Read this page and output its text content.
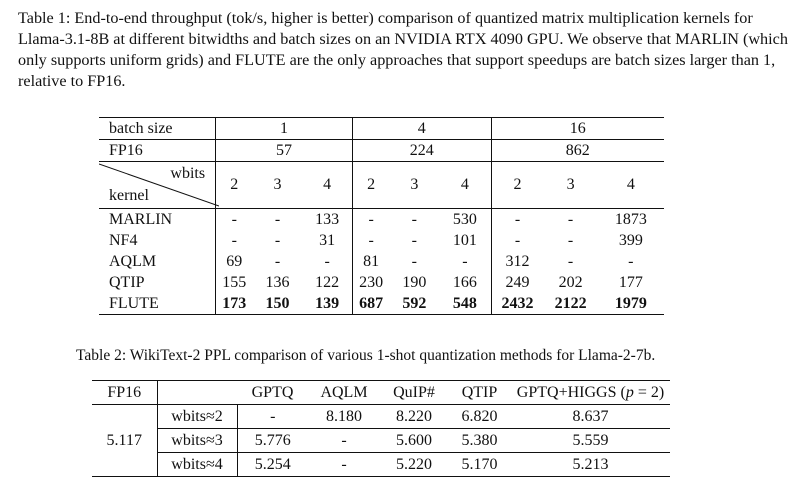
Table 1: End-to-end throughput (tok/s, higher is better) comparison of quantized matrix multiplication kernels for Llama-3.1-8B at different bitwidths and batch sizes on an NVIDIA RTX 4090 GPU. We observe that MARLIN (which only supports uniform grids) and FLUTE are the only approaches that support speedups are batch sizes larger than 1, relative to FP16.
batch size	1			4			16		
FP16	57			224			862		

wbits
kernel	2	3	4	2	3	4	2	3	4
MARLIN	-	-	133	-	-	530	-	-	1873
NF4	-	-	31	-	-	101	-	-	399
AQLM	69	-	-	81	-	-	312	-	-
QTIP	155	136	122	230	190	166	249	202	177
FLUTE	173	150	139	687	592	548	2432	2122	1979
Table 2: WikiText-2 PPL comparison of various 1-shot quantization methods for Llama-2-7b.
FP16		GPTQ	AQLM	QuIP#	QTIP	GPTQ+HIGGS (p = 2)
5.117	wbits≈2	-	8.180	8.220	6.820	8.637
	wbits≈3	5.776	-	5.600	5.380	5.559
	wbits≈4	5.254	-	5.220	5.170	5.213
